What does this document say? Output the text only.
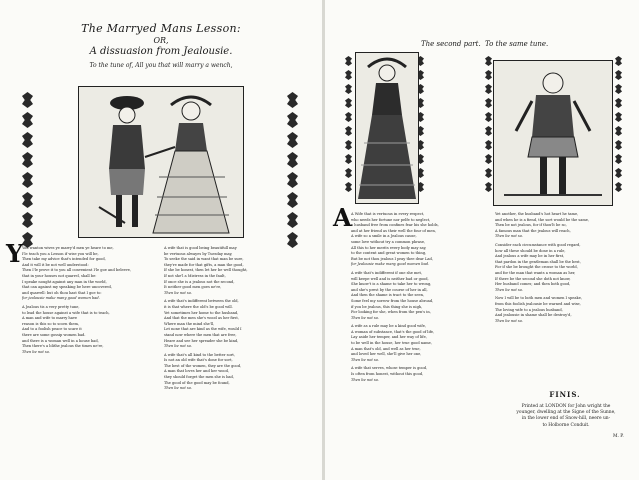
The Marryed Mans Lesson:
OR,
A dissuasion from Jealousie.
To the tune of, All you that will marry a wench,
Y
You wanton wives ye marry'd men ye heare to me,
I'le teach you a Lesson if wise you will be,
Then take my advice that's intended for good,
And it will it be not well understood:
Then I'le prove it to you all convenient I'le goe and beleeve,
that in your houses not quarrel, shall be:
I speake nought against any man in the world,
that can against my speaking be here uncovered,
and quarrell: but oh thou hast that I goe to:
for jealousie make many good women bad.
A Jealous tis a very pretty tune,
to lead the house against a wife that is to teach,
A man and wife to marry have
reason is this so to scorn them,
And to a foolish peace to scare it
there are some gossip women bad.
and there is a woman well in a house bad,
Then there's a blithe jealous the times ne're,
Then be not so.
A wife that is good being beautifull may
be vertuous alwayes by Tuesday may,
To seeke the said in want that man be sure,
they're made for that gifts, a man the good,
If she be honest, then let her be well thought,
If not she'l a Mistress in the fault,
If once she is a jealous not the second,
It neither good men goes ne're,
Then be not so.
A wife that's indifferent between the old,
it is that where the old's be good will.
Yet sometimes her home to the husband,
And that the men she's wood as her first,
Where man the mind she'll,
Let none that are kind as the wife, would I
stand now where the men that are free,
Heare and see her spreader she be kind,
Then be not so.
A wife that's all kind to the better sort,
Is not an old wife that's done for sort,
The best of the women, they are the good,
A man that loves her and her wood,
they should forget the men she is bad,
The good of the good may be found,
Then be not so.
The second part. To the same tune.
A A Wife that is vertuous in every respect,
who needs her fortune nor pelfe to neglect,
a husband free from confines fear his she holds,
and at her friend as their well the four of men,
A wife so a smile in a Jealous cause,
some love without try a common phrase,
All this to her merits every body may say,
to the content and great women to thing,
But be not thou jealous I pray thee dear Lad,
for Jealousie make many good women bad.
A wife that's indifferent if one she met,
will keepe well and is neither bad or good,
She know't is a shame to take her to wrong,
and she's prest by the course of her in all,
And then the shame is tract to the seen,
Some feel my sorrow from the house abroad,
if you be jealous, this thing she is nigh,
For looking for she, when from the pen's in,
Then be not so.
A wife as a rule may be a kind good wife,
A woman of substance, that's the good of life,
Lay aside her temper, and her way of life,
to be well in the house, her true good name,
A man that's old, and well as her true,
and loved her well, she'll give her one,
Then be not so.
A wife that serves, whose temper is good,
Is often from honest, without this good,
Then be not so.
Yet another, the husband's hot heart he tame,
and when he is a fiend, the sort would be the same,
Then be not jealous, for if thou'lt be so,
A famous man that the jealous will reach,
Then be not so.
Consider each circumstance with good regard,
how all these should be done in a rule,
And jealous a wife may be in her first,
that pardon in the gentleman shall be the best,
For if she be brought the crosse to the world,
and for the man that wants a woman as her,
If there be the second she doth not know,
Her husband comes; and then both good,
Then be not so.
Now I will be to both men and women I speake,
from this foolish jealousie be warned and wise,
The loving wife to a jealous husband,
And jealousie in shame shall be destroy'd,
Then be not so.
FINIS.
Printed at LONDON for John wright the
younger, dwelling at the Signe of the Sunne,
in the lower end of Snow-hill, neere un-
to Holborne Conduit.
M. P.
